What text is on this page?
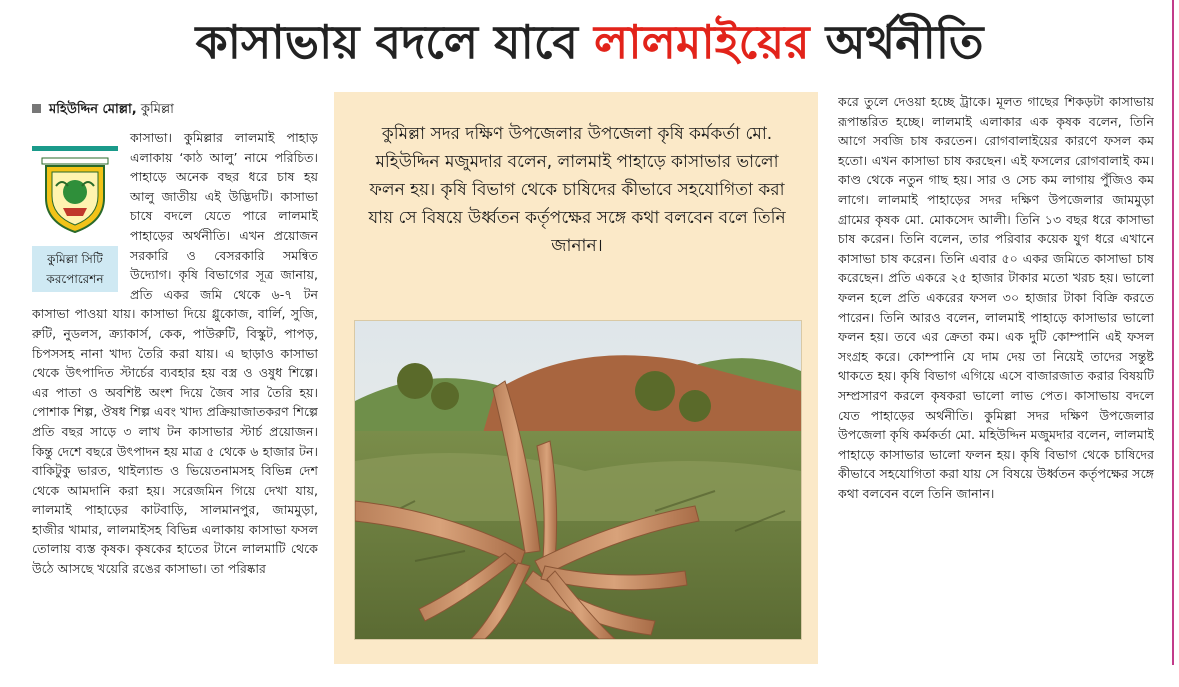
কাসাভায় বদলে যাবে লালমাইয়ের অর্থনীতি
মহিউদ্দিন মোল্লা, কুমিল্লা
কুমিল্লা সিটি
করপোরেশন

কাসাভা। কুমিল্লার লালমাই পাহাড় এলাকায় ‘কাঠ আলু’ নামে পরিচিত। পাহাড়ে অনেক বছর ধরে চাষ হয় আলু জাতীয় এই উদ্ভিদটি। কাসাভা চাষে বদলে যেতে পারে লালমাই পাহাড়ের অর্থনীতি। এখন প্রয়োজন সরকারি ও বেসরকারি সমন্বিত উদ্যোগ। কৃষি বিভাগের সূত্র জানায়, প্রতি একর জমি থেকে ৬-৭ টন কাসাভা পাওয়া যায়। কাসাভা দিয়ে গ্লুকোজ, বার্লি, সুজি, রুটি, নুডলস, ক্র্যাকার্স, কেক, পাউরুটি, বিস্কুট, পাপড়, চিপসসহ নানা খাদ্য তৈরি করা যায়। এ ছাড়াও কাসাভা থেকে উৎপাদিত স্টার্চের ব্যবহার হয় বস্ত্র ও ওষুধ শিল্পে। এর পাতা ও অবশিষ্ট অংশ দিয়ে জৈব সার তৈরি হয়। পোশাক শিল্প, ঔষধ শিল্প এবং খাদ্য প্রক্রিয়াজাতকরণ শিল্পে প্রতি বছর সাড়ে ৩ লাখ টন কাসাভার স্টার্চ প্রয়োজন। কিন্তু দেশে বছরে উৎপাদন হয় মাত্র ৫ থেকে ৬ হাজার টন। বাকিটুকু ভারত, থাইল্যান্ড ও ভিয়েতনামসহ বিভিন্ন দেশ থেকে আমদানি করা হয়। সরেজমিন গিয়ে দেখা যায়, লালমাই পাহাড়ের কাটবাড়ি, সালমানপুর, জামমুড়া, হাজীর খামার, লালমাইসহ বিভিন্ন এলাকায় কাসাভা ফসল তোলায় ব্যস্ত কৃষক। কৃষকের হাতের টানে লালমাটি থেকে উঠে আসছে খয়েরি রঙের কাসাভা। তা পরিষ্কার

কুমিল্লা সদর দক্ষিণ উপজেলার উপজেলা কৃষি কর্মকর্তা মো. মহিউদ্দিন মজুমদার বলেন, লালমাই পাহাড়ে কাসাভার ভালো ফলন হয়। কৃষি বিভাগ থেকে চাষিদের কীভাবে সহযোগিতা করা যায় সে বিষয়ে উর্ধ্বতন কর্তৃপক্ষের সঙ্গে কথা বলবেন বলে তিনি জানান।

করে তুলে দেওয়া হচ্ছে ট্রাকে। মূলত গাছের শিকড়টা কাসাভায় রূপান্তরিত হচ্ছে। লালমাই এলাকার এক কৃষক বলেন, তিনি আগে সবজি চাষ করতেন। রোগবালাইয়ের কারণে ফসল কম হতো। এখন কাসাভা চাষ করছেন। এই ফসলের রোগবালাই কম। কাণ্ড থেকে নতুন গাছ হয়। সার ও সেচ কম লাগায় পুঁজিও কম লাগে। লালমাই পাহাড়ের সদর দক্ষিণ উপজেলার জামমুড়া গ্রামের কৃষক মো. মোকসেদ আলী। তিনি ১৩ বছর ধরে কাসাভা চাষ করেন। তিনি বলেন, তার পরিবার কয়েক যুগ ধরে এখানে কাসাভা চাষ করেন। তিনি এবার ৫০ একর জমিতে কাসাভা চাষ করেছেন। প্রতি একরে ২৫ হাজার টাকার মতো খরচ হয়। ভালো ফলন হলে প্রতি একরের ফসল ৩০ হাজার টাকা বিক্রি করতে পারেন। তিনি আরও বলেন, লালমাই পাহাড়ে কাসাভার ভালো ফলন হয়। তবে এর ক্রেতা কম। এক দুটি কোম্পানি এই ফসল সংগ্রহ করে। কোম্পানি যে দাম দেয় তা নিয়েই তাদের সন্তুষ্ট থাকতে হয়। কৃষি বিভাগ এগিয়ে এসে বাজারজাত করার বিষয়টি সম্প্রসারণ করলে কৃষকরা ভালো লাভ পেত। কাসাভায় বদলে যেত পাহাড়ের অর্থনীতি। কুমিল্লা সদর দক্ষিণ উপজেলার উপজেলা কৃষি কর্মকর্তা মো. মহিউদ্দিন মজুমদার বলেন, লালমাই পাহাড়ে কাসাভার ভালো ফলন হয়। কৃষি বিভাগ থেকে চাষিদের কীভাবে সহযোগিতা করা যায় সে বিষয়ে উর্ধ্বতন কর্তৃপক্ষের সঙ্গে কথা বলবেন বলে তিনি জানান।
